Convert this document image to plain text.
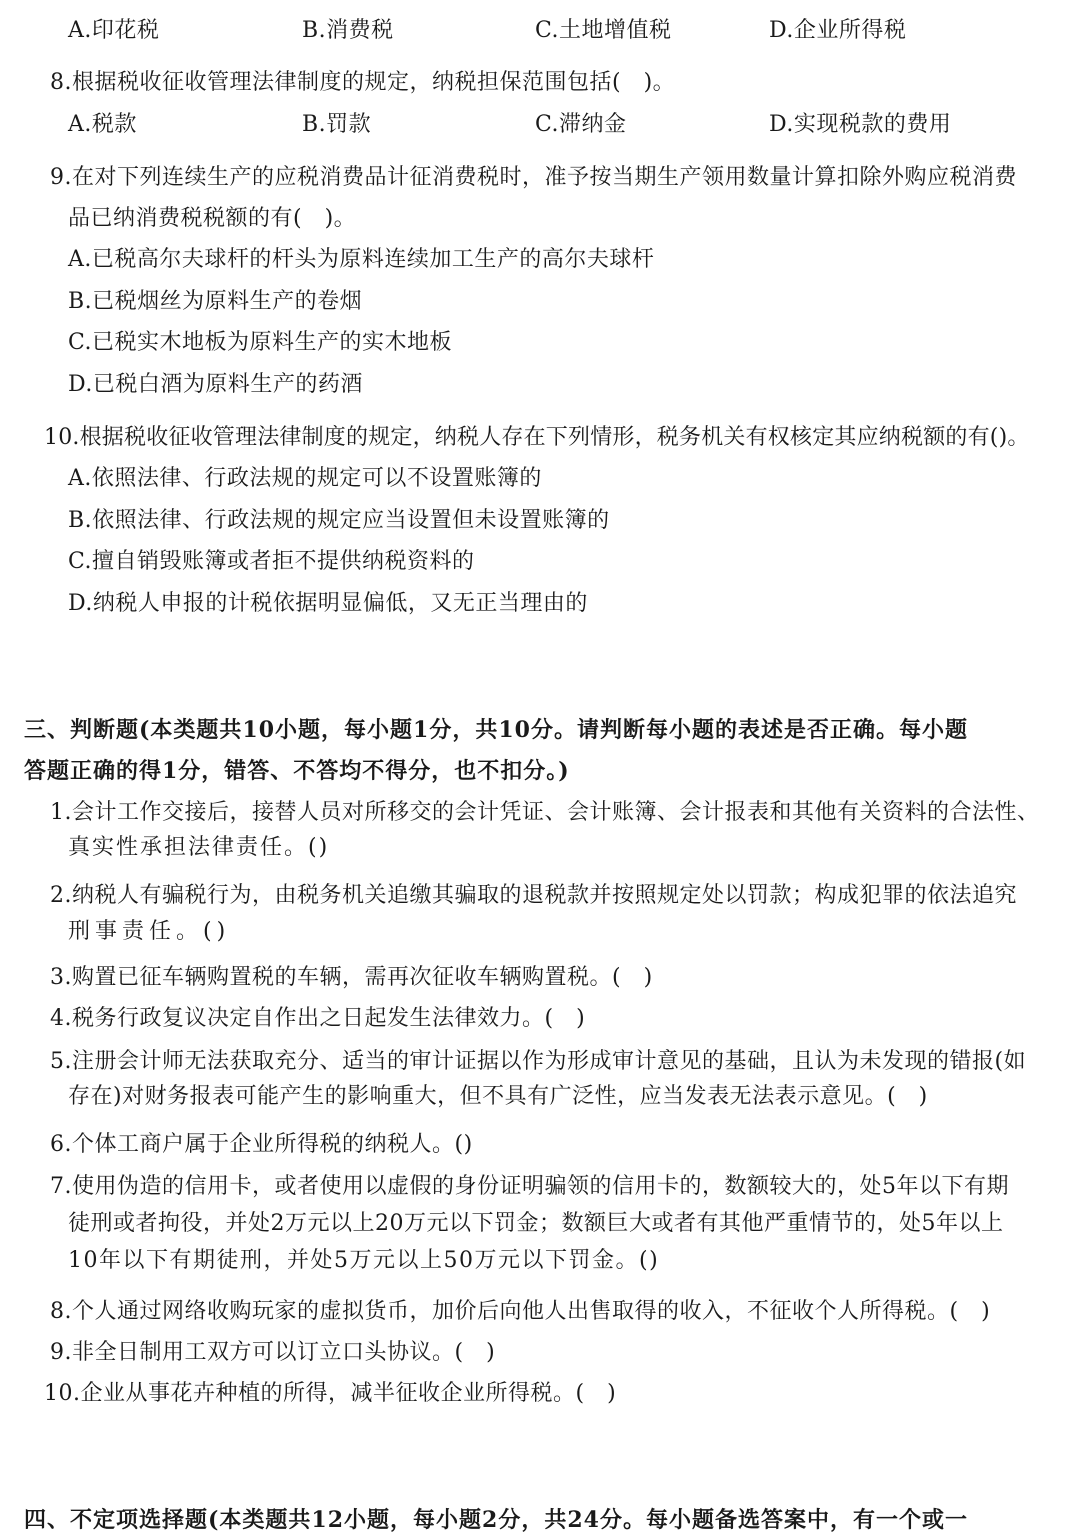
A.印花税	B.消费税	C.土地增值税	D.企业所得税
8.根据税收征收管理法律制度的规定，纳税担保范围包括(　)。
A.税款	B.罚款	C.滞纳金	D.实现税款的费用
9.在对下列连续生产的应税消费品计征消费税时，准予按当期生产领用数量计算扣除外购应税消费
品已纳消费税税额的有(　)。
A.已税高尔夫球杆的杆头为原料连续加工生产的高尔夫球杆
B.已税烟丝为原料生产的卷烟
C.已税实木地板为原料生产的实木地板
D.已税白酒为原料生产的药酒
10.根据税收征收管理法律制度的规定，纳税人存在下列情形，税务机关有权核定其应纳税额的有()。
A.依照法律、行政法规的规定可以不设置账簿的
B.依照法律、行政法规的规定应当设置但未设置账簿的
C.擅自销毁账簿或者拒不提供纳税资料的
D.纳税人申报的计税依据明显偏低，又无正当理由的
三、判断题(本类题共10小题，每小题1分，共10分。请判断每小题的表述是否正确。每小题
答题正确的得1分，错答、不答均不得分，也不扣分。)
1.会计工作交接后，接替人员对所移交的会计凭证、会计账簿、会计报表和其他有关资料的合法性、
真实性承担法律责任。()
2.纳税人有骗税行为，由税务机关追缴其骗取的退税款并按照规定处以罚款；构成犯罪的依法追究
刑事责任。()
3.购置已征车辆购置税的车辆，需再次征收车辆购置税。(　)
4.税务行政复议决定自作出之日起发生法律效力。(　)
5.注册会计师无法获取充分、适当的审计证据以作为形成审计意见的基础，且认为未发现的错报(如
存在)对财务报表可能产生的影响重大，但不具有广泛性，应当发表无法表示意见。(　)
6.个体工商户属于企业所得税的纳税人。()
7.使用伪造的信用卡，或者使用以虚假的身份证明骗领的信用卡的，数额较大的，处5年以下有期
徒刑或者拘役，并处2万元以上20万元以下罚金；数额巨大或者有其他严重情节的，处5年以上
10年以下有期徒刑，并处5万元以上50万元以下罚金。()
8.个人通过网络收购玩家的虚拟货币，加价后向他人出售取得的收入，不征收个人所得税。(　)
9.非全日制用工双方可以订立口头协议。(　)
10.企业从事花卉种植的所得，减半征收企业所得税。(　)
四、不定项选择题(本类题共12小题，每小题2分，共24分。每小题备选答案中，有一个或一
